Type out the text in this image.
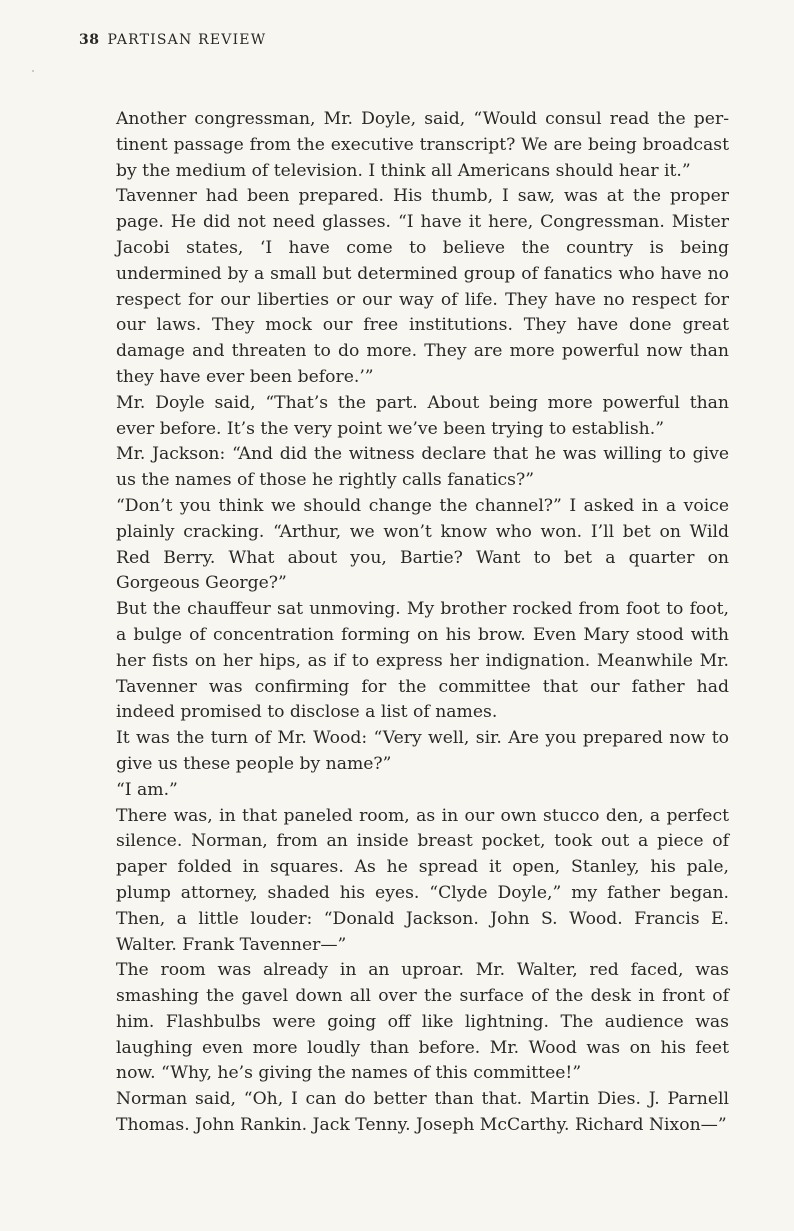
38 PARTISAN REVIEW

Another congressman, Mr. Doyle, said, “Would consul read the pertinent passage from the executive transcript? We are being broadcast by the medium of television. I think all Americans should hear it.”

Tavenner had been prepared. His thumb, I saw, was at the proper page. He did not need glasses. “I have it here, Congressman. Mister Jacobi states, ‘I have come to believe the country is being undermined by a small but determined group of fanatics who have no respect for our liberties or our way of life. They have no respect for our laws. They mock our free institutions. They have done great damage and threaten to do more. They are more powerful now than they have ever been before.’”

Mr. Doyle said, “That’s the part. About being more powerful than ever before. It’s the very point we’ve been trying to establish.”

Mr. Jackson: “And did the witness declare that he was willing to give us the names of those he rightly calls fanatics?”

“Don’t you think we should change the channel?” I asked in a voice plainly cracking. “Arthur, we won’t know who won. I’ll bet on Wild Red Berry. What about you, Bartie? Want to bet a quarter on Gorgeous George?”

But the chauffeur sat unmoving. My brother rocked from foot to foot, a bulge of concentration forming on his brow. Even Mary stood with her fists on her hips, as if to express her indignation. Meanwhile Mr. Tavenner was confirming for the committee that our father had indeed promised to disclose a list of names.

It was the turn of Mr. Wood: “Very well, sir. Are you prepared now to give us these people by name?”

“I am.”

There was, in that paneled room, as in our own stucco den, a perfect silence. Norman, from an inside breast pocket, took out a piece of paper folded in squares. As he spread it open, Stanley, his pale, plump attorney, shaded his eyes. “Clyde Doyle,” my father began. Then, a little louder: “Donald Jackson. John S. Wood. Francis E. Walter. Frank Tavenner—”

The room was already in an uproar. Mr. Walter, red faced, was smashing the gavel down all over the surface of the desk in front of him. Flashbulbs were going off like lightning. The audience was laughing even more loudly than before. Mr. Wood was on his feet now. “Why, he’s giving the names of this committee!”

Norman said, “Oh, I can do better than that. Martin Dies. J. Parnell Thomas. John Rankin. Jack Tenny. Joseph McCarthy. Richard Nixon—”
